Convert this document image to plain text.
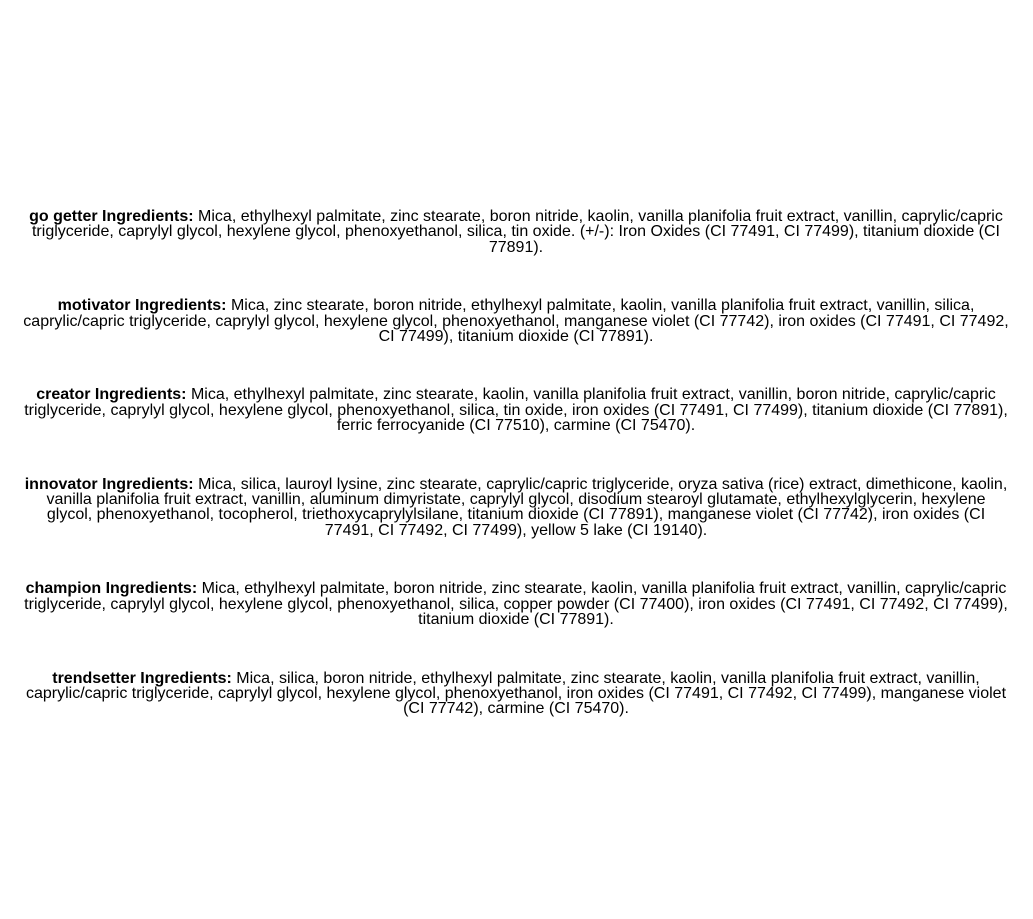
go getter Ingredients: Mica, ethylhexyl palmitate, zinc stearate, boron nitride, kaolin, vanilla planifolia fruit extract, vanillin, caprylic/capric triglyceride, caprylyl glycol, hexylene glycol, phenoxyethanol, silica, tin oxide. (+/-): Iron Oxides (CI 77491, CI 77499), titanium dioxide (CI 77891).

motivator Ingredients: Mica, zinc stearate, boron nitride, ethylhexyl palmitate, kaolin, vanilla planifolia fruit extract, vanillin, silica, caprylic/capric triglyceride, caprylyl glycol, hexylene glycol, phenoxyethanol, manganese violet (CI 77742), iron oxides (CI 77491, CI 77492, CI 77499), titanium dioxide (CI 77891).

creator Ingredients: Mica, ethylhexyl palmitate, zinc stearate, kaolin, vanilla planifolia fruit extract, vanillin, boron nitride, caprylic/capric triglyceride, caprylyl glycol, hexylene glycol, phenoxyethanol, silica, tin oxide, iron oxides (CI 77491, CI 77499), titanium dioxide (CI 77891), ferric ferrocyanide (CI 77510), carmine (CI 75470).

innovator Ingredients: Mica, silica, lauroyl lysine, zinc stearate, caprylic/capric triglyceride, oryza sativa (rice) extract, dimethicone, kaolin, vanilla planifolia fruit extract, vanillin, aluminum dimyristate, caprylyl glycol, disodium stearoyl glutamate, ethylhexylglycerin, hexylene glycol, phenoxyethanol, tocopherol, triethoxycaprylylsilane, titanium dioxide (CI 77891), manganese violet (CI 77742), iron oxides (CI 77491, CI 77492, CI 77499), yellow 5 lake (CI 19140).

champion Ingredients: Mica, ethylhexyl palmitate, boron nitride, zinc stearate, kaolin, vanilla planifolia fruit extract, vanillin, caprylic/capric triglyceride, caprylyl glycol, hexylene glycol, phenoxyethanol, silica, copper powder (CI 77400), iron oxides (CI 77491, CI 77492, CI 77499), titanium dioxide (CI 77891).

trendsetter Ingredients: Mica, silica, boron nitride, ethylhexyl palmitate, zinc stearate, kaolin, vanilla planifolia fruit extract, vanillin, caprylic/capric triglyceride, caprylyl glycol, hexylene glycol, phenoxyethanol, iron oxides (CI 77491, CI 77492, CI 77499), manganese violet (CI 77742), carmine (CI 75470).
